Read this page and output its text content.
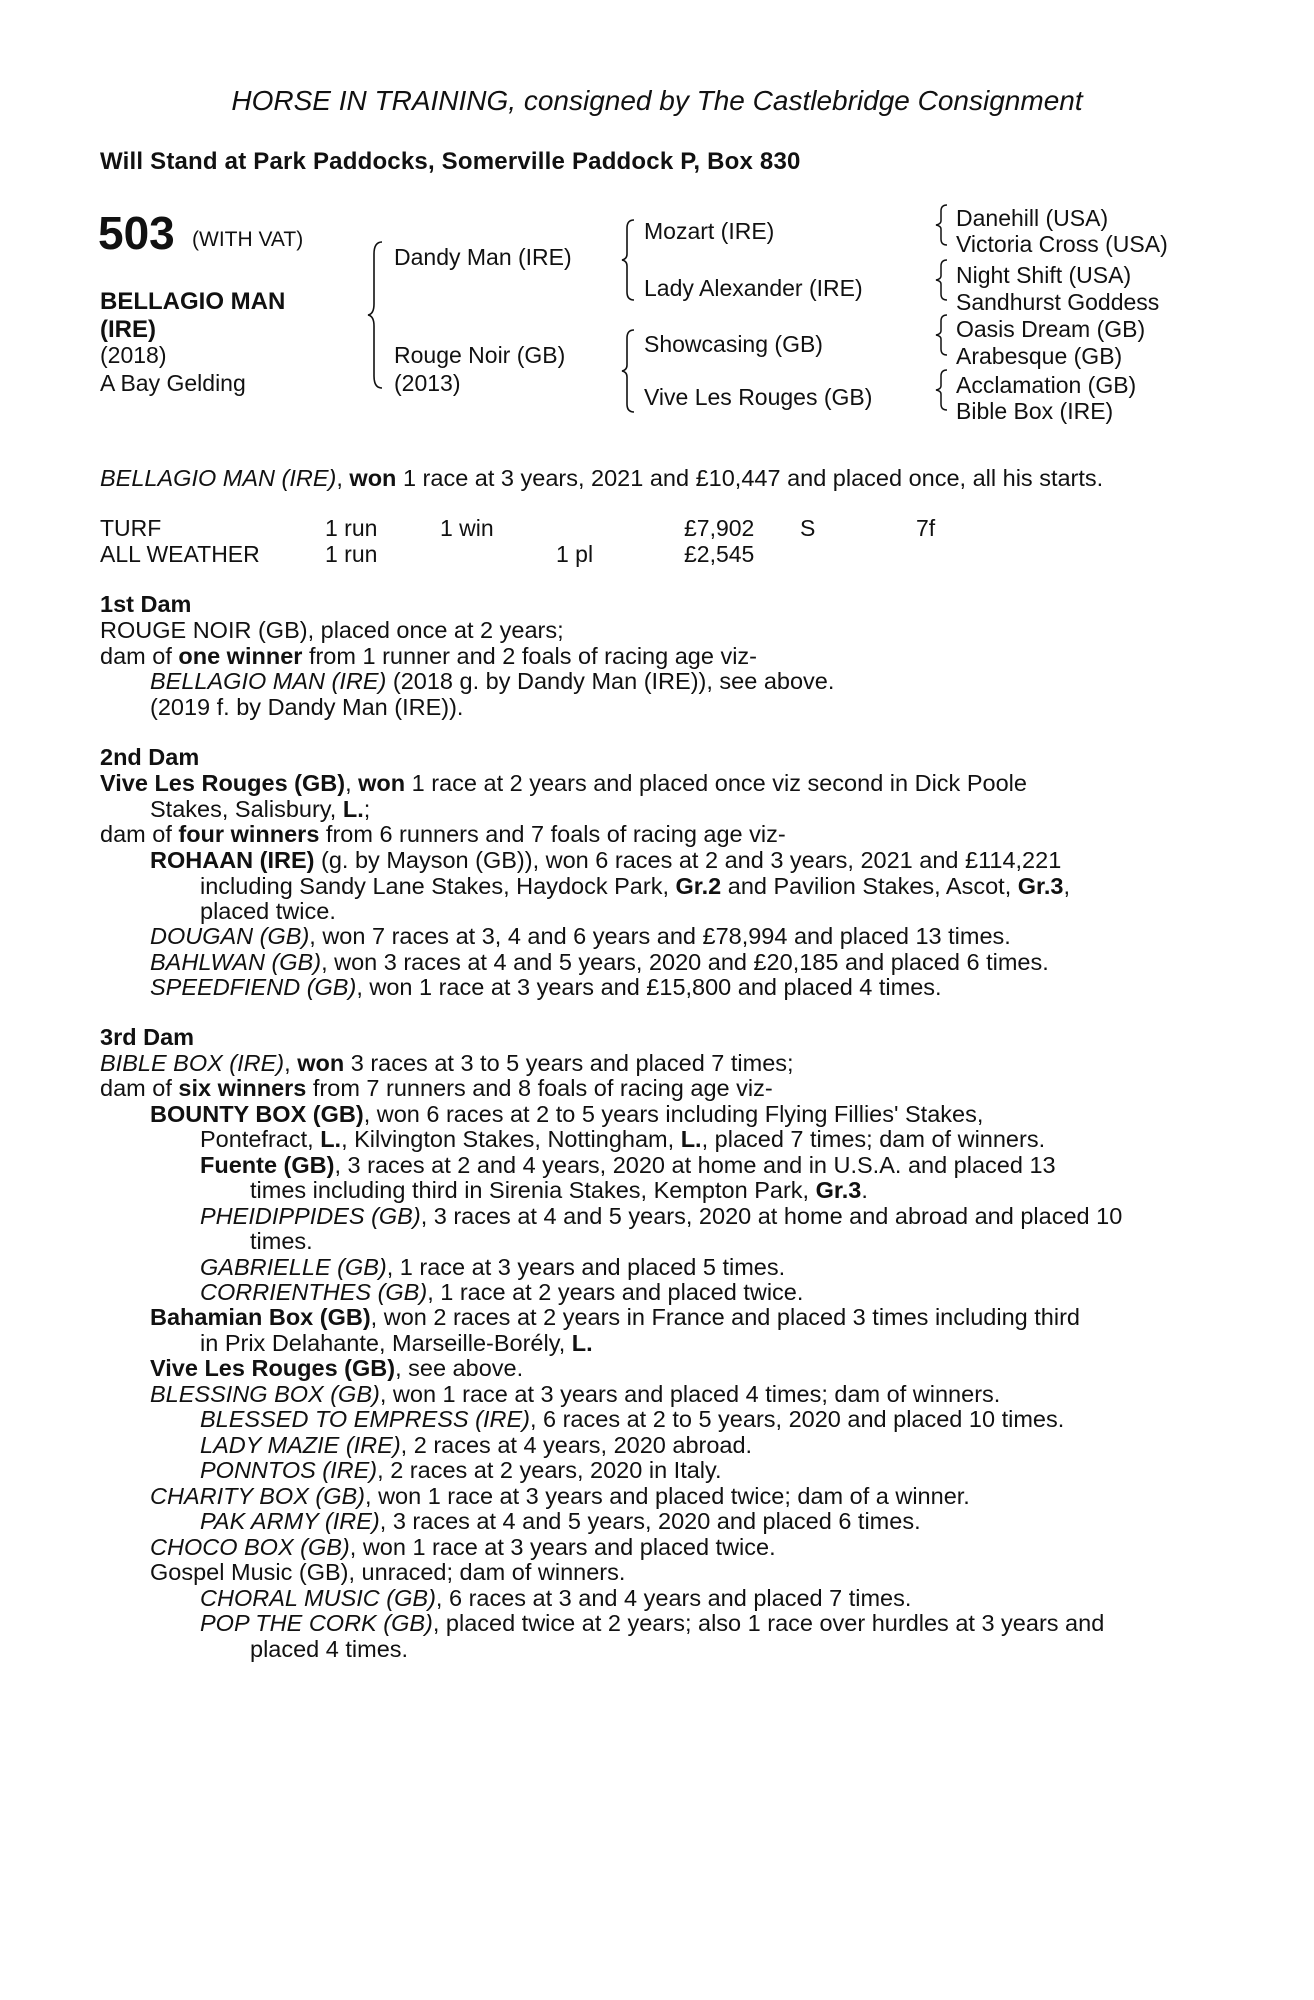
HORSE IN TRAINING, consigned by The Castlebridge Consignment
Will Stand at Park Paddocks, Somerville Paddock P, Box 830
503 (WITH VAT)
BELLAGIO MAN
(IRE)
(2018)
A Bay Gelding
Dandy Man (IRE)
Rouge Noir (GB)
(2013)
Mozart (IRE)
Lady Alexander (IRE)
Showcasing (GB)
Vive Les Rouges (GB)
Danehill (USA)
Victoria Cross (USA)
Night Shift (USA)
Sandhurst Goddess
Oasis Dream (GB)
Arabesque (GB)
Acclamation (GB)
Bible Box (IRE)
BELLAGIO MAN (IRE), won 1 race at 3 years, 2021 and £10,447 and placed once, all his starts.
TURF	1 run	1 win	£7,902 S	7f
ALL WEATHER	1 run	1 pl	£2,545
1st Dam
ROUGE NOIR (GB), placed once at 2 years;
dam of one winner from 1 runner and 2 foals of racing age viz-
BELLAGIO MAN (IRE) (2018 g. by Dandy Man (IRE)), see above.
(2019 f. by Dandy Man (IRE)).
2nd Dam
Vive Les Rouges (GB), won 1 race at 2 years and placed once viz second in Dick Poole
Stakes, Salisbury, L.;
dam of four winners from 6 runners and 7 foals of racing age viz-
ROHAAN (IRE) (g. by Mayson (GB)), won 6 races at 2 and 3 years, 2021 and £114,221
including Sandy Lane Stakes, Haydock Park, Gr.2 and Pavilion Stakes, Ascot, Gr.3,
placed twice.
DOUGAN (GB), won 7 races at 3, 4 and 6 years and £78,994 and placed 13 times.
BAHLWAN (GB), won 3 races at 4 and 5 years, 2020 and £20,185 and placed 6 times.
SPEEDFIEND (GB), won 1 race at 3 years and £15,800 and placed 4 times.
3rd Dam
BIBLE BOX (IRE), won 3 races at 3 to 5 years and placed 7 times;
dam of six winners from 7 runners and 8 foals of racing age viz-
BOUNTY BOX (GB), won 6 races at 2 to 5 years including Flying Fillies' Stakes,
Pontefract, L., Kilvington Stakes, Nottingham, L., placed 7 times; dam of winners.
Fuente (GB), 3 races at 2 and 4 years, 2020 at home and in U.S.A. and placed 13
times including third in Sirenia Stakes, Kempton Park, Gr.3.
PHEIDIPPIDES (GB), 3 races at 4 and 5 years, 2020 at home and abroad and placed 10
times.
GABRIELLE (GB), 1 race at 3 years and placed 5 times.
CORRIENTHES (GB), 1 race at 2 years and placed twice.
Bahamian Box (GB), won 2 races at 2 years in France and placed 3 times including third
in Prix Delahante, Marseille-Borély, L.
Vive Les Rouges (GB), see above.
BLESSING BOX (GB), won 1 race at 3 years and placed 4 times; dam of winners.
BLESSED TO EMPRESS (IRE), 6 races at 2 to 5 years, 2020 and placed 10 times.
LADY MAZIE (IRE), 2 races at 4 years, 2020 abroad.
PONNTOS (IRE), 2 races at 2 years, 2020 in Italy.
CHARITY BOX (GB), won 1 race at 3 years and placed twice; dam of a winner.
PAK ARMY (IRE), 3 races at 4 and 5 years, 2020 and placed 6 times.
CHOCO BOX (GB), won 1 race at 3 years and placed twice.
Gospel Music (GB), unraced; dam of winners.
CHORAL MUSIC (GB), 6 races at 3 and 4 years and placed 7 times.
POP THE CORK (GB), placed twice at 2 years; also 1 race over hurdles at 3 years and
placed 4 times.
